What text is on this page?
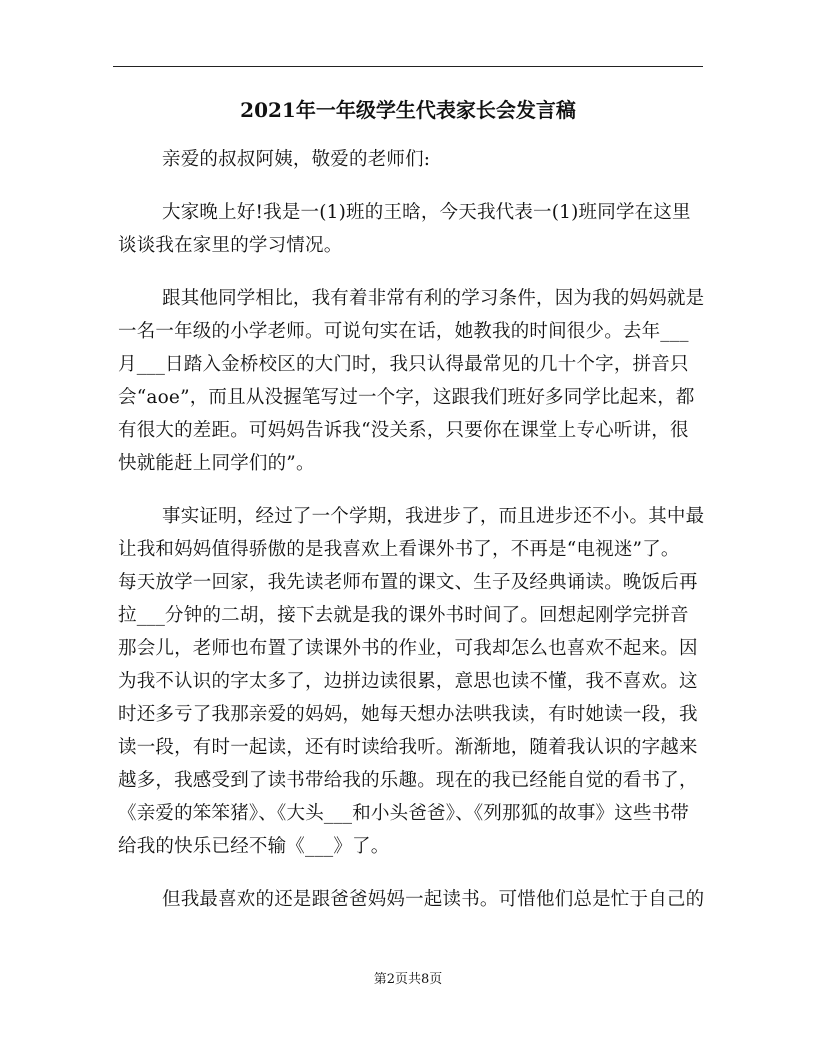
2021年一年级学生代表家长会发言稿
亲爱的叔叔阿姨，敬爱的老师们:
大家晚上好!我是一(1)班的王晗，今天我代表一(1)班同学在这里
谈谈我在家里的学习情况。
跟其他同学相比，我有着非常有利的学习条件，因为我的妈妈就是
一名一年级的小学老师。可说句实在话，她教我的时间很少。去年___
月___日踏入金桥校区的大门时，我只认得最常见的几十个字，拼音只
会“aoe”，而且从没握笔写过一个字，这跟我们班好多同学比起来，都
有很大的差距。可妈妈告诉我“没关系，只要你在课堂上专心听讲，很
快就能赶上同学们的”。
事实证明，经过了一个学期，我进步了，而且进步还不小。其中最
让我和妈妈值得骄傲的是我喜欢上看课外书了，不再是“电视迷”了。
每天放学一回家，我先读老师布置的课文、生子及经典诵读。晚饭后再
拉___分钟的二胡，接下去就是我的课外书时间了。回想起刚学完拼音
那会儿，老师也布置了读课外书的作业，可我却怎么也喜欢不起来。因
为我不认识的字太多了，边拼边读很累，意思也读不懂，我不喜欢。这
时还多亏了我那亲爱的妈妈，她每天想办法哄我读，有时她读一段，我
读一段，有时一起读，还有时读给我听。渐渐地，随着我认识的字越来
越多，我感受到了读书带给我的乐趣。现在的我已经能自觉的看书了，
《亲爱的笨笨猪》、《大头___和小头爸爸》、《列那狐的故事》这些书带
给我的快乐已经不输《___》了。
但我最喜欢的还是跟爸爸妈妈一起读书。可惜他们总是忙于自己的
第2页共8页
